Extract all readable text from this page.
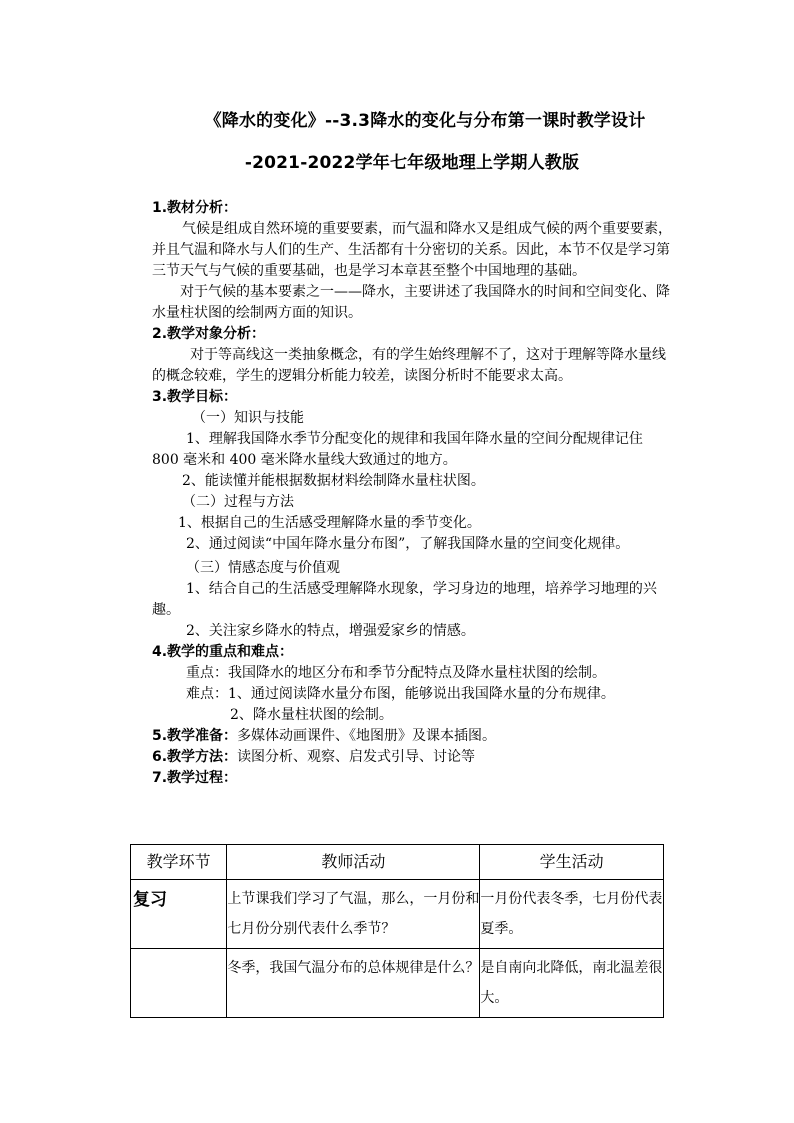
《降水的变化》--3.3降水的变化与分布第一课时教学设计
-2021-2022学年七年级地理上学期人教版

1.教材分析：

气候是组成自然环境的重要要素，而气温和降水又是组成气候的两个重要要素，并且气温和降水与人们的生产、生活都有十分密切的关系。因此，本节不仅是学习第三节天气与气候的重要基础，也是学习本章甚至整个中国地理的基础。

对于气候的基本要素之一——降水，主要讲述了我国降水的时间和空间变化、降水量柱状图的绘制两方面的知识。

2.教学对象分析：

对于等高线这一类抽象概念，有的学生始终理解不了，这对于理解等降水量线的概念较难，学生的逻辑分析能力较差，读图分析时不能要求太高。

3.教学目标：

（一）知识与技能

1、理解我国降水季节分配变化的规律和我国年降水量的空间分配规律记住 800 毫米和 400 毫米降水量线大致通过的地方。

2、能读懂并能根据数据材料绘制降水量柱状图。

（二）过程与方法

1、根据自己的生活感受理解降水量的季节变化。

2、通过阅读“中国年降水量分布图”，了解我国降水量的空间变化规律。

（三）情感态度与价值观

1、结合自己的生活感受理解降水现象，学习身边的地理，培养学习地理的兴趣。

2、关注家乡降水的特点，增强爱家乡的情感。

4.教学的重点和难点：

重点：我国降水的地区分布和季节分配特点及降水量柱状图的绘制。

难点：1、通过阅读降水量分布图，能够说出我国降水量的分布规律。

2、降水量柱状图的绘制。

5.教学准备：多媒体动画课件、《地图册》及课本插图。

6.教学方法：读图分析、观察、启发式引导、讨论等

7.教学过程：

教学环节	教师活动	学生活动
复习	上节课我们学习了气温，那么，一月份和七月份分别代表什么季节？	一月份代表冬季，七月份代表夏季。
	冬季，我国气温分布的总体规律是什么？	是自南向北降低，南北温差很大。
